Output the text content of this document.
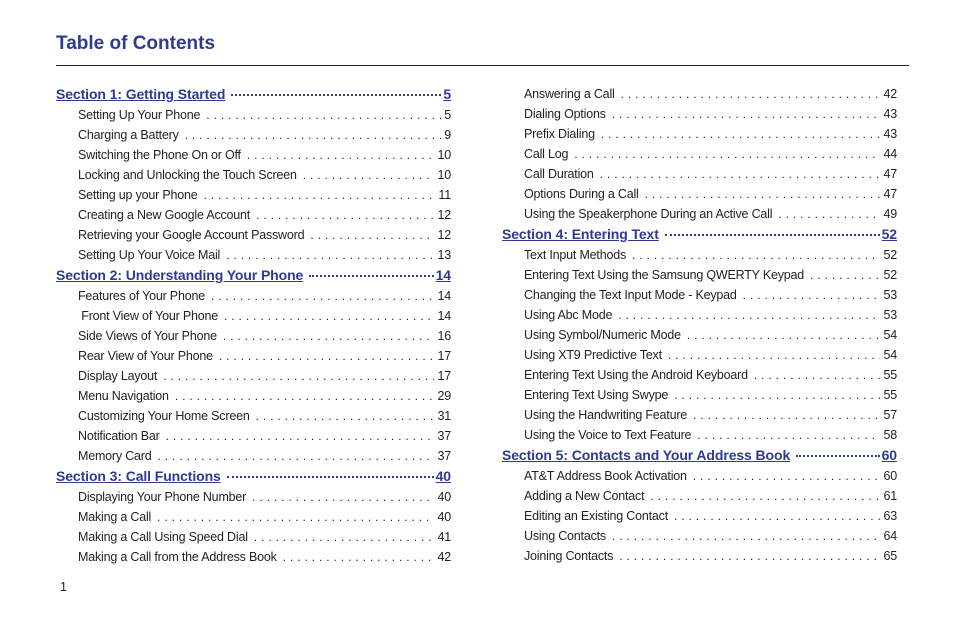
Table of Contents
Section 1: Getting Started	5
Setting Up Your Phone . . .	5
Charging a Battery . . .	9
Switching the Phone On or Off . . .	10
Locking and Unlocking the Touch Screen . . .	10
Setting up your Phone . . .	11
Creating a New Google Account . . .	12
Retrieving your Google Account Password . . .	12
Setting Up Your Voice Mail . . .	13
Section 2: Understanding Your Phone	14
Features of Your Phone . . .	14
Front View of Your Phone . . .	14
Side Views of Your Phone . . .	16
Rear View of Your Phone . . .	17
Display Layout . . .	17
Menu Navigation . . .	29
Customizing Your Home Screen . . .	31
Notification Bar . . .	37
Memory Card . . .	37
Section 3: Call Functions	40
Displaying Your Phone Number . . .	40
Making a Call . . .	40
Making a Call Using Speed Dial . . .	41
Making a Call from the Address Book . . .	42
Answering a Call . . .	42
Dialing Options . . .	43
Prefix Dialing . . .	43
Call Log . . .	44
Call Duration . . .	47
Options During a Call . . .	47
Using the Speakerphone During an Active Call . . .	49
Section 4: Entering Text	52
Text Input Methods . . .	52
Entering Text Using the Samsung QWERTY Keypad . . .	52
Changing the Text Input Mode - Keypad . . .	53
Using Abc Mode . . .	53
Using Symbol/Numeric Mode . . .	54
Using XT9 Predictive Text . . .	54
Entering Text Using the Android Keyboard . . .	55
Entering Text Using Swype . . .	55
Using the Handwriting Feature . . .	57
Using the Voice to Text Feature . . .	58
Section 5: Contacts and Your Address Book	60
AT&T Address Book Activation . . .	60
Adding a New Contact . . .	61
Editing an Existing Contact . . .	63
Using Contacts . . .	64
Joining Contacts . . .	65
1
